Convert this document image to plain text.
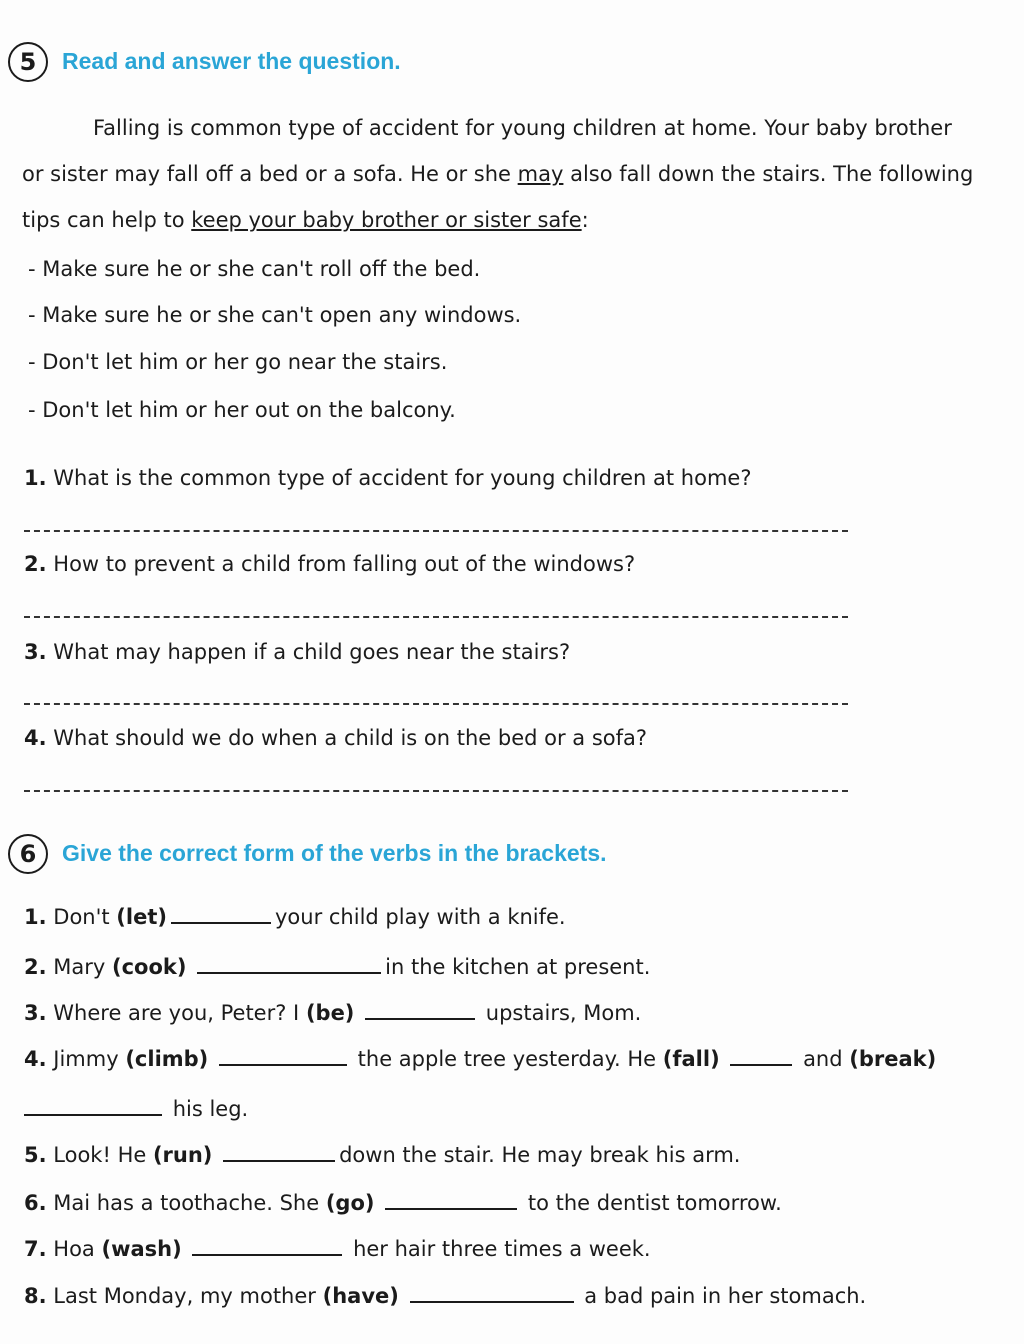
5	Read and answer the question.
Falling is common type of accident for young children at home. Your baby brother
or sister may fall off a bed or a sofa. He or she may also fall down the stairs. The following
tips can help to keep your baby brother or sister safe:
- Make sure he or she can't roll off the bed.
- Make sure he or she can't open any windows.
- Don't let him or her go near the stairs.
- Don't let him or her out on the balcony.
1. What is the common type of accident for young children at home?
2. How to prevent a child from falling out of the windows?
3. What may happen if a child goes near the stairs?
4. What should we do when a child is on the bed or a sofa?
6	Give the correct form of the verbs in the brackets.
1. Don't (let)	your child play with a knife.
2. Mary (cook)	in the kitchen at present.
3. Where are you, Peter? I (be)	upstairs, Mom.
4. Jimmy (climb)	the apple tree yesterday. He (fall)	and (break)
his leg.
5. Look! He (run)	down the stair. He may break his arm.
6. Mai has a toothache. She (go)	to the dentist tomorrow.
7. Hoa (wash)	her hair three times a week.
8. Last Monday, my mother (have)	a bad pain in her stomach.
